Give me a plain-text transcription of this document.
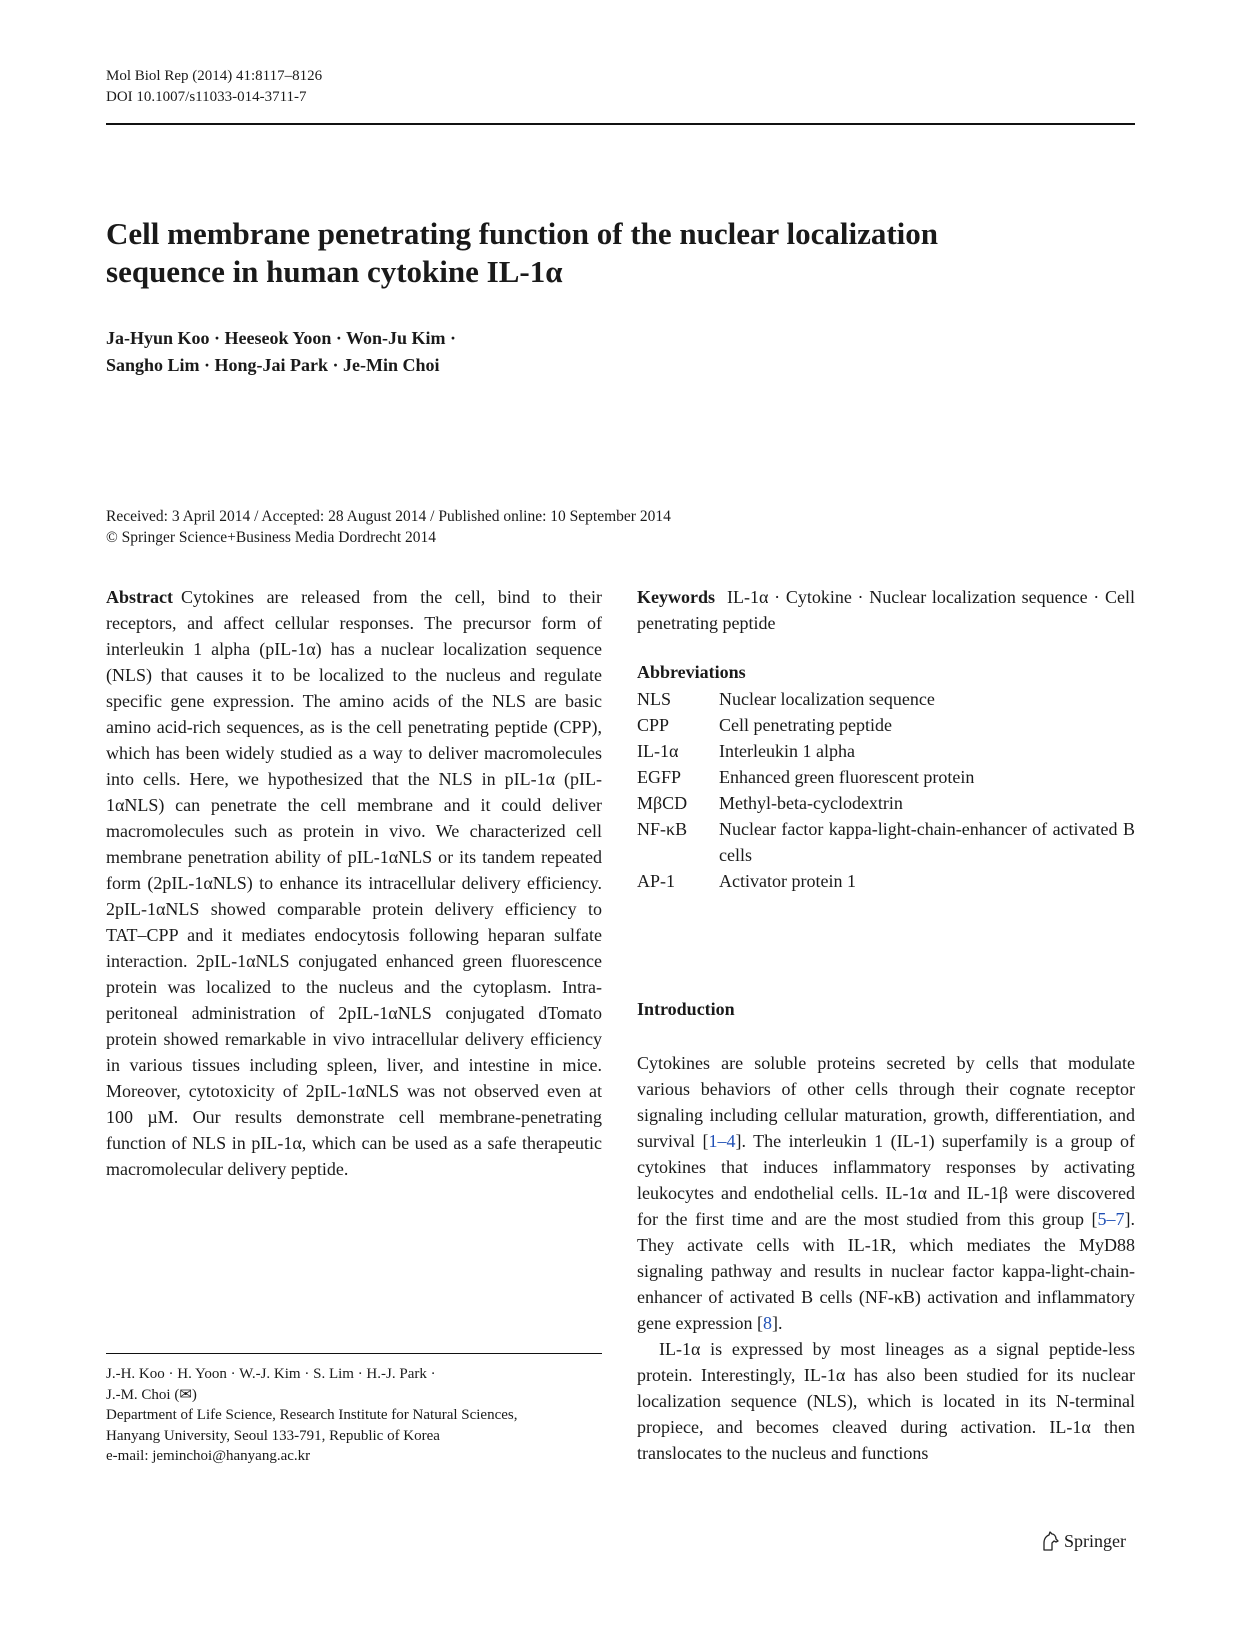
Mol Biol Rep (2014) 41:8117–8126
DOI 10.1007/s11033-014-3711-7
Cell membrane penetrating function of the nuclear localization
sequence in human cytokine IL-1α
Ja-Hyun Koo · Heeseok Yoon · Won-Ju Kim ·
Sangho Lim · Hong-Jai Park · Je-Min Choi
Received: 3 April 2014 / Accepted: 28 August 2014 / Published online: 10 September 2014
© Springer Science+Business Media Dordrecht 2014
Abstract Cytokines are released from the cell, bind to their receptors, and affect cellular responses. The precursor form of interleukin 1 alpha (pIL-1α) has a nuclear localization sequence (NLS) that causes it to be localized to the nucleus and regulate specific gene expression. The amino acids of the NLS are basic amino acid-rich sequences, as is the cell penetrating peptide (CPP), which has been widely studied as a way to deliver macromolecules into cells. Here, we hypothesized that the NLS in pIL-1α (pIL-1αNLS) can penetrate the cell membrane and it could deliver macromolecules such as protein in vivo. We characterized cell membrane penetration ability of pIL-1αNLS or its tandem repeated form (2pIL-1αNLS) to enhance its intracellular delivery efficiency. 2pIL-1αNLS showed comparable protein delivery efficiency to TAT–CPP and it mediates endocytosis following heparan sulfate interaction. 2pIL-1αNLS conjugated enhanced green fluorescence protein was localized to the nucleus and the cytoplasm. Intra-peritoneal administration of 2pIL-1αNLS conjugated dTomato protein showed remarkable in vivo intracellular delivery efficiency in various tissues including spleen, liver, and intestine in mice. Moreover, cytotoxicity of 2pIL-1αNLS was not observed even at 100 µM. Our results demonstrate cell membrane-penetrating function of NLS in pIL-1α, which can be used as a safe therapeutic macromolecular delivery peptide.
Keywords IL-1α · Cytokine · Nuclear localization sequence · Cell penetrating peptide
Abbreviations
NLS	Nuclear localization sequence
CPP	Cell penetrating peptide
IL-1α	Interleukin 1 alpha
EGFP	Enhanced green fluorescent protein
MβCD	Methyl-beta-cyclodextrin
NF-κB	Nuclear factor kappa-light-chain-enhancer of activated B cells
AP-1	Activator protein 1
Introduction

Cytokines are soluble proteins secreted by cells that modulate various behaviors of other cells through their cognate receptor signaling including cellular maturation, growth, differentiation, and survival [1–4]. The interleukin 1 (IL-1) superfamily is a group of cytokines that induces inflammatory responses by activating leukocytes and endothelial cells. IL-1α and IL-1β were discovered for the first time and are the most studied from this group [5–7]. They activate cells with IL-1R, which mediates the MyD88 signaling pathway and results in nuclear factor kappa-light-chain-enhancer of activated B cells (NF-κB) activation and inflammatory gene expression [8].

IL-1α is expressed by most lineages as a signal peptide-less protein. Interestingly, IL-1α has also been studied for its nuclear localization sequence (NLS), which is located in its N-terminal propiece, and becomes cleaved during activation. IL-1α then translocates to the nucleus and functions

J.-H. Koo · H. Yoon · W.-J. Kim · S. Lim · H.-J. Park ·
J.-M. Choi (✉)
Department of Life Science, Research Institute for Natural Sciences, Hanyang University, Seoul 133-791, Republic of Korea
e-mail: jeminchoi@hanyang.ac.kr
Springer
